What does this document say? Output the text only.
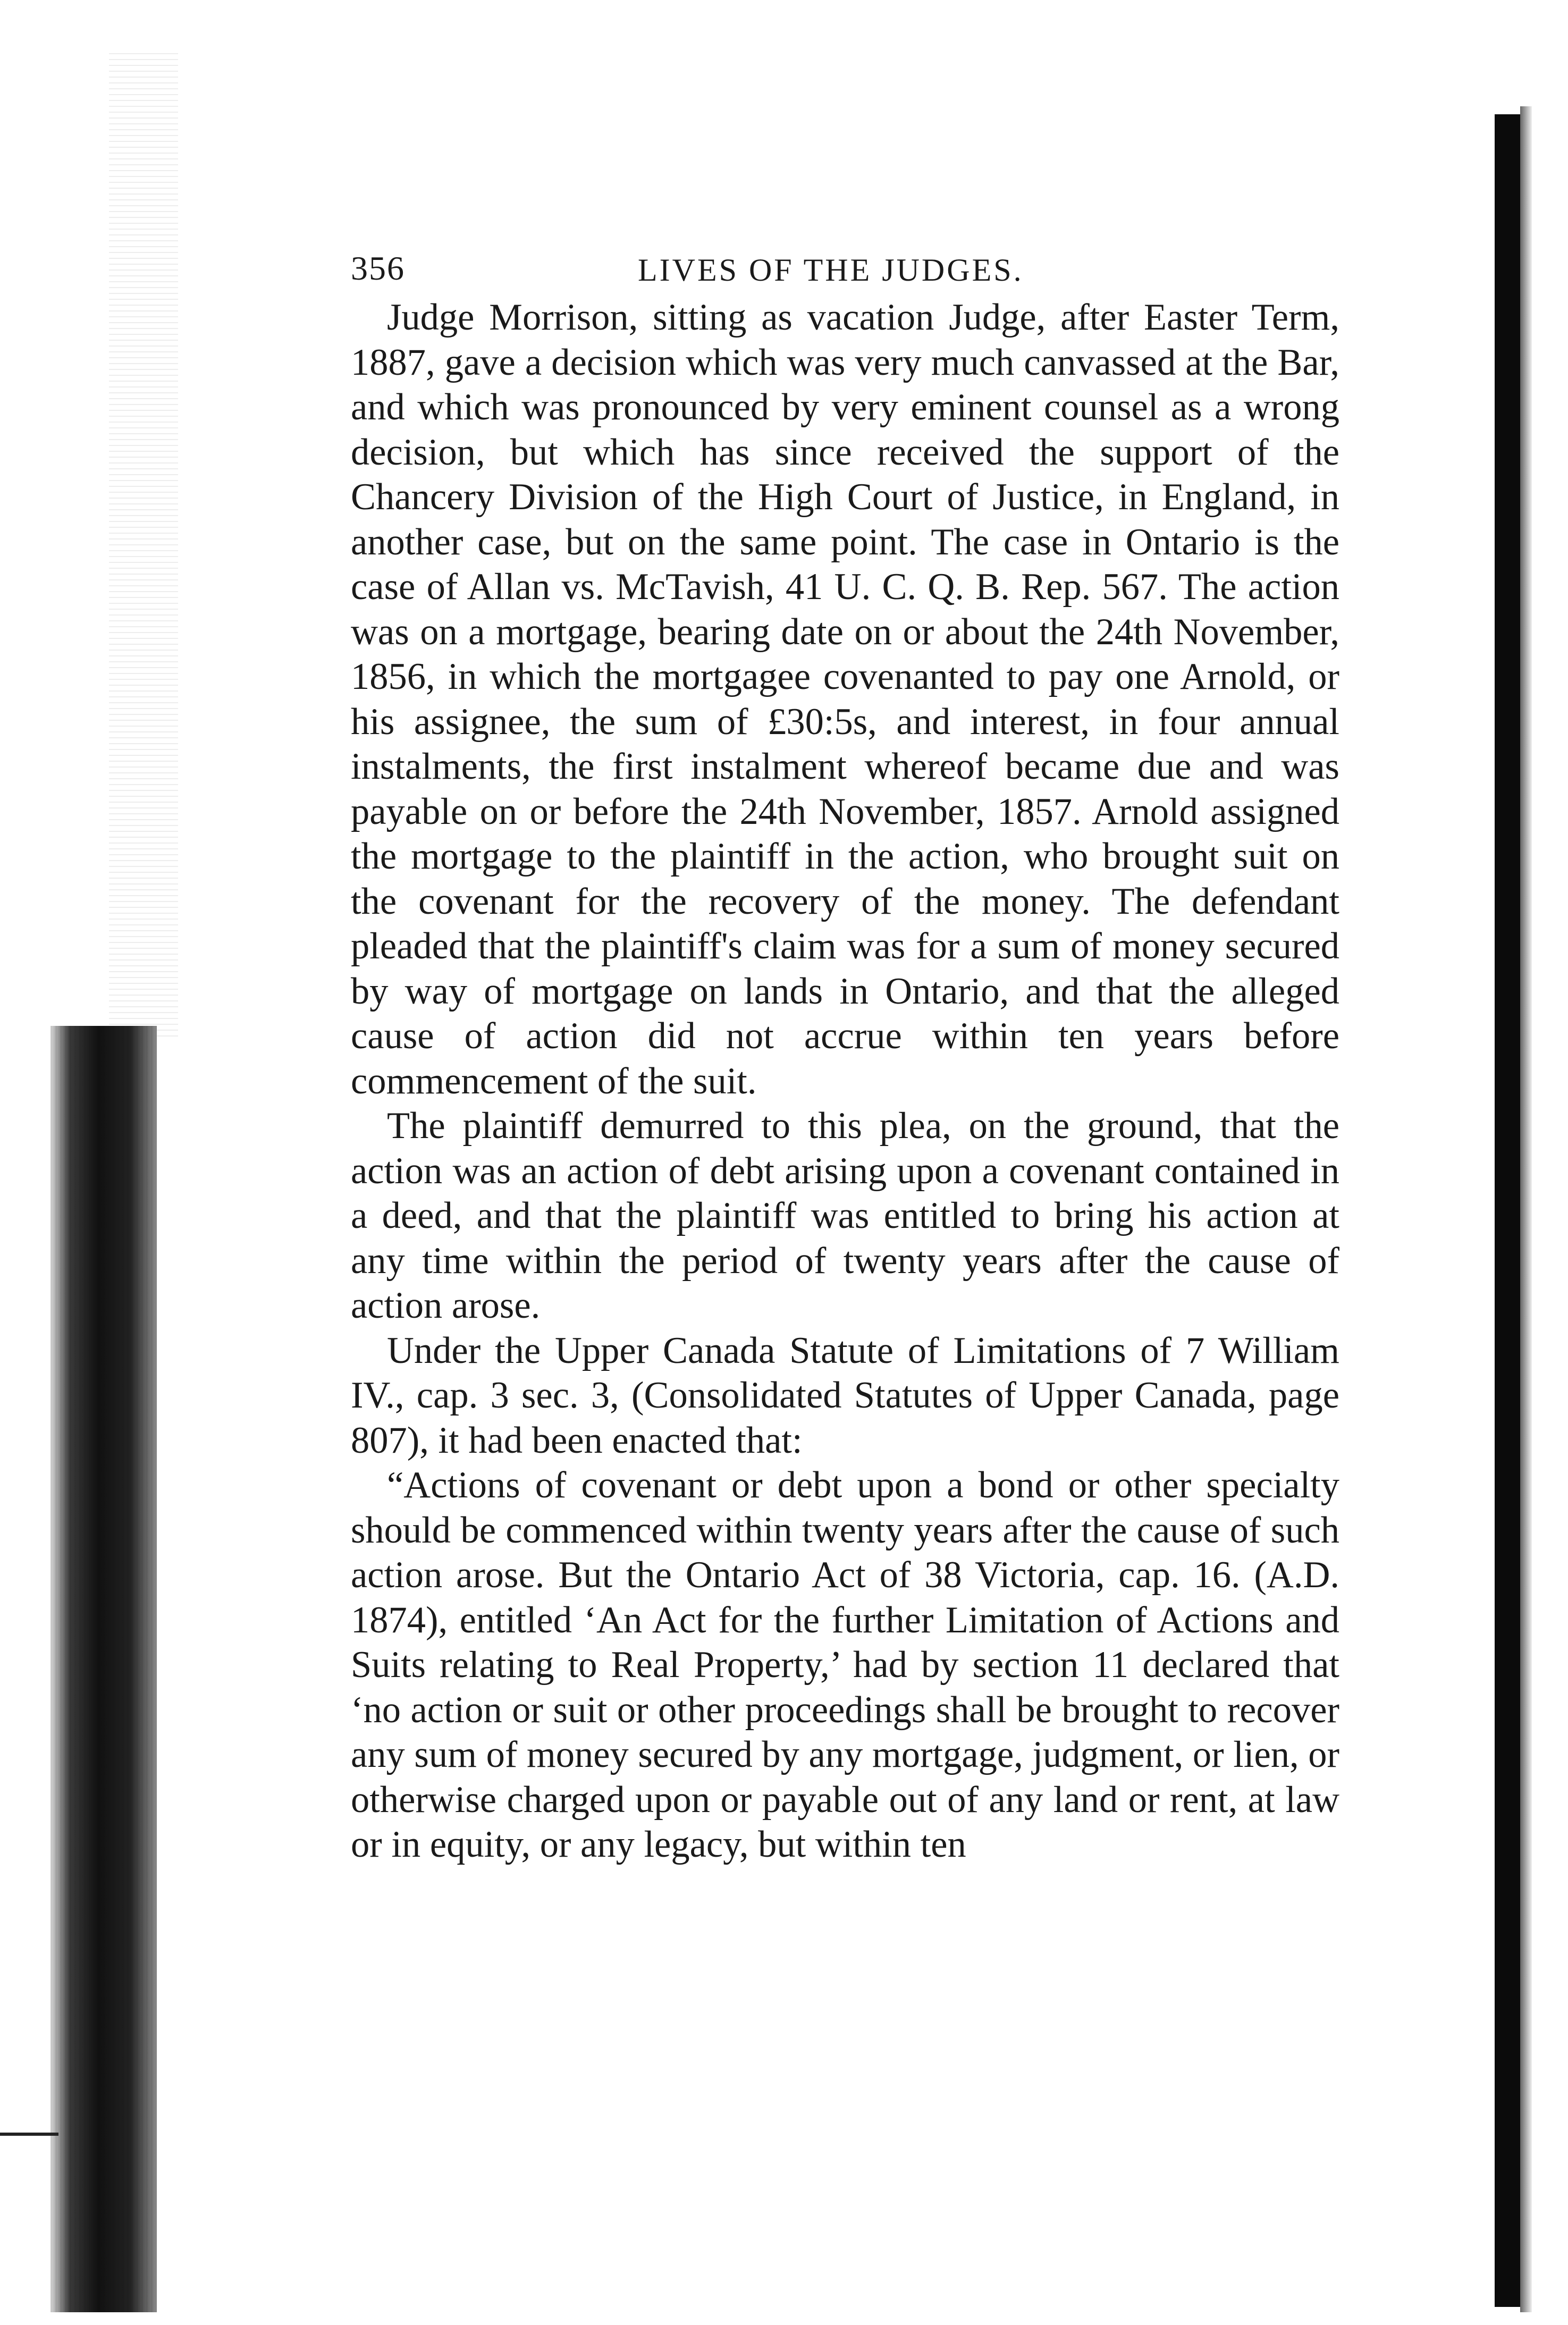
356	LIVES OF THE JUDGES.

Judge Morrison, sitting as vacation Judge, after Easter Term, 1887, gave a decision which was very much canvassed at the Bar, and which was pronounced by very eminent counsel as a wrong decision, but which has since received the support of the Chancery Division of the High Court of Justice, in England, in another case, but on the same point. The case in Ontario is the case of Allan vs. McTavish, 41 U. C. Q. B. Rep. 567. The action was on a mortgage, bearing date on or about the 24th November, 1856, in which the mortgagee covenanted to pay one Arnold, or his assignee, the sum of £30:5s, and interest, in four annual instalments, the first instalment whereof became due and was payable on or before the 24th November, 1857. Arnold assigned the mortgage to the plaintiff in the action, who brought suit on the covenant for the recovery of the money. The defendant pleaded that the plaintiff's claim was for a sum of money secured by way of mortgage on lands in Ontario, and that the alleged cause of action did not accrue within ten years before commencement of the suit.

The plaintiff demurred to this plea, on the ground, that the action was an action of debt arising upon a covenant contained in a deed, and that the plaintiff was entitled to bring his action at any time within the period of twenty years after the cause of action arose.

Under the Upper Canada Statute of Limitations of 7 William IV., cap. 3 sec. 3, (Consolidated Statutes of Upper Canada, page 807), it had been enacted that:

“Actions of covenant or debt upon a bond or other specialty should be commenced within twenty years after the cause of such action arose. But the Ontario Act of 38 Victoria, cap. 16. (A.D. 1874), entitled ‘An Act for the further Limitation of Actions and Suits relating to Real Property,’ had by section 11 declared that ‘no action or suit or other proceedings shall be brought to recover any sum of money secured by any mortgage, judgment, or lien, or otherwise charged upon or payable out of any land or rent, at law or in equity, or any legacy, but within ten
